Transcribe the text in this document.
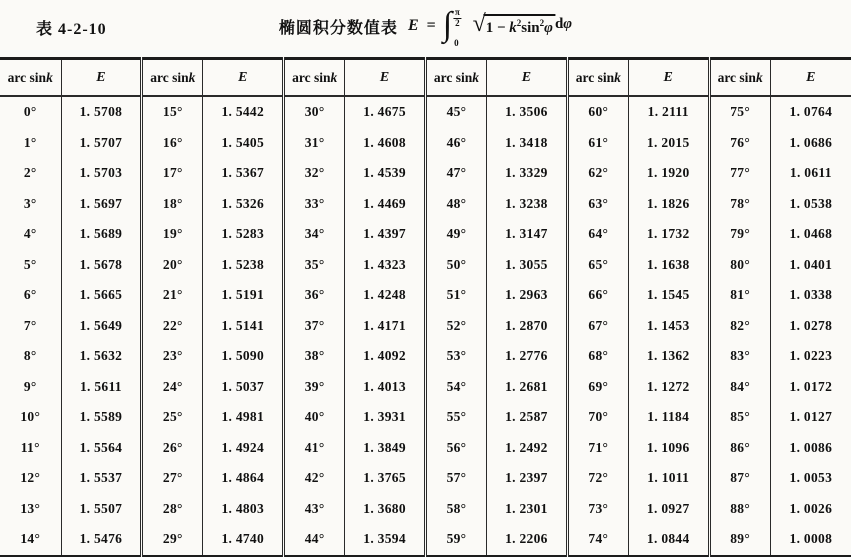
表 4-2-10	椭圆积分数值表 E = ∫ $\frac{\pi}{2}$
0
√ $1 - k^2\sin^2\varphi$ dφ
arc sink	E	arc sink	E	arc sink	E	arc sink	E	arc sink	E	arc sink	E
0°	1. 5708	15°	1. 5442	30°	1. 4675	45°	1. 3506	60°	1. 2111	75°	1. 0764
1°	1. 5707	16°	1. 5405	31°	1. 4608	46°	1. 3418	61°	1. 2015	76°	1. 0686
2°	1. 5703	17°	1. 5367	32°	1. 4539	47°	1. 3329	62°	1. 1920	77°	1. 0611
3°	1. 5697	18°	1. 5326	33°	1. 4469	48°	1. 3238	63°	1. 1826	78°	1. 0538
4°	1. 5689	19°	1. 5283	34°	1. 4397	49°	1. 3147	64°	1. 1732	79°	1. 0468
5°	1. 5678	20°	1. 5238	35°	1. 4323	50°	1. 3055	65°	1. 1638	80°	1. 0401
6°	1. 5665	21°	1. 5191	36°	1. 4248	51°	1. 2963	66°	1. 1545	81°	1. 0338
7°	1. 5649	22°	1. 5141	37°	1. 4171	52°	1. 2870	67°	1. 1453	82°	1. 0278
8°	1. 5632	23°	1. 5090	38°	1. 4092	53°	1. 2776	68°	1. 1362	83°	1. 0223
9°	1. 5611	24°	1. 5037	39°	1. 4013	54°	1. 2681	69°	1. 1272	84°	1. 0172
10°	1. 5589	25°	1. 4981	40°	1. 3931	55°	1. 2587	70°	1. 1184	85°	1. 0127
11°	1. 5564	26°	1. 4924	41°	1. 3849	56°	1. 2492	71°	1. 1096	86°	1. 0086
12°	1. 5537	27°	1. 4864	42°	1. 3765	57°	1. 2397	72°	1. 1011	87°	1. 0053
13°	1. 5507	28°	1. 4803	43°	1. 3680	58°	1. 2301	73°	1. 0927	88°	1. 0026
14°	1. 5476	29°	1. 4740	44°	1. 3594	59°	1. 2206	74°	1. 0844	89°	1. 0008
